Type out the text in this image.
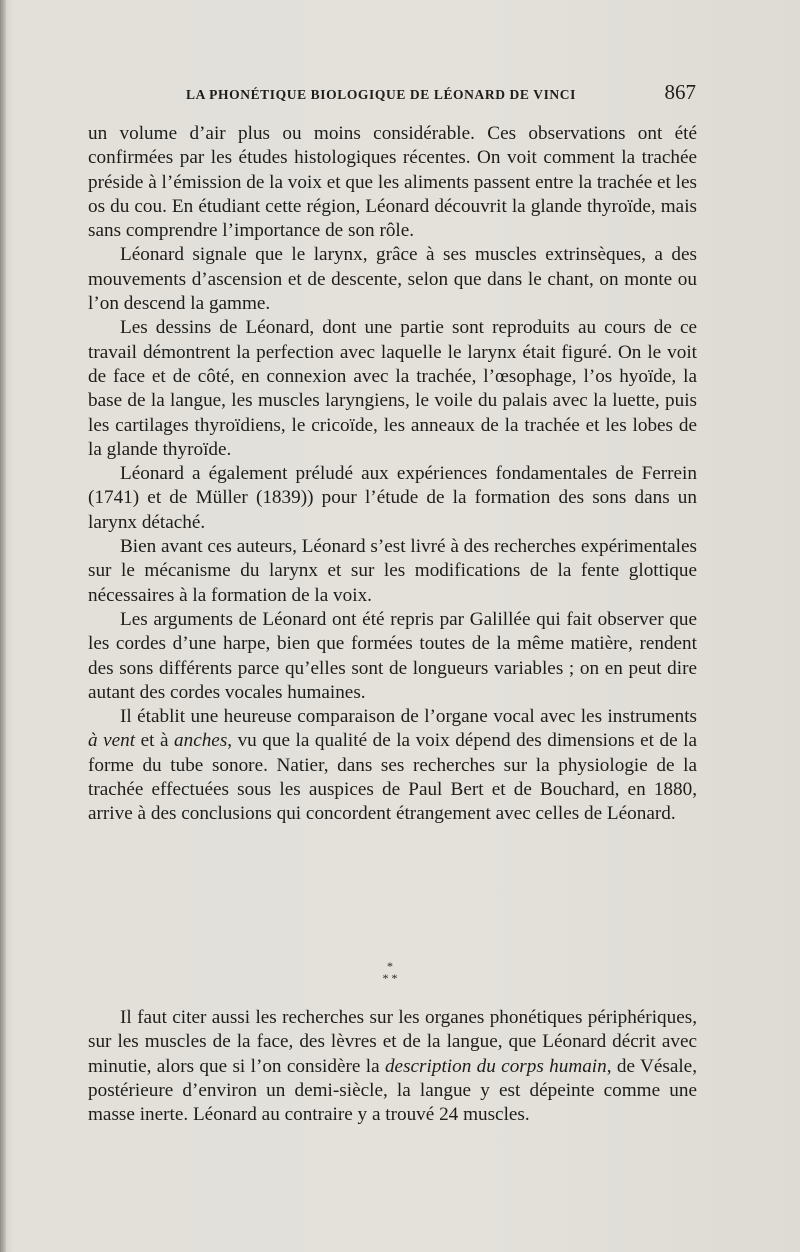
LA PHONÉTIQUE BIOLOGIQUE DE LÉONARD DE VINCI	867

un volume d’air plus ou moins considérable. Ces observations ont été confirmées par les études histologiques récentes. On voit comment la trachée préside à l’émission de la voix et que les aliments passent entre la trachée et les os du cou. En étudiant cette région, Léonard découvrit la glande thyroïde, mais sans comprendre l’importance de son rôle.

Léonard signale que le larynx, grâce à ses muscles extrinsèques, a des mouvements d’ascension et de descente, selon que dans le chant, on monte ou l’on descend la gamme.

Les dessins de Léonard, dont une partie sont reproduits au cours de ce travail démontrent la perfection avec laquelle le larynx était figuré. On le voit de face et de côté, en connexion avec la trachée, l’œsophage, l’os hyoïde, la base de la langue, les muscles laryngiens, le voile du palais avec la luette, puis les cartilages thyroïdiens, le cricoïde, les anneaux de la trachée et les lobes de la glande thyroïde.

Léonard a également préludé aux expériences fondamentales de Ferrein (1741) et de Müller (1839)) pour l’étude de la formation des sons dans un larynx détaché.

Bien avant ces auteurs, Léonard s’est livré à des recherches expérimentales sur le mécanisme du larynx et sur les modifications de la fente glottique nécessaires à la formation de la voix.

Les arguments de Léonard ont été repris par Galillée qui fait observer que les cordes d’une harpe, bien que formées toutes de la même matière, rendent des sons différents parce qu’elles sont de longueurs variables ; on en peut dire autant des cordes vocales humaines.

Il établit une heureuse comparaison de l’organe vocal avec les instruments à vent et à anches, vu que la qualité de la voix dépend des dimensions et de la forme du tube sonore. Natier, dans ses recherches sur la physiologie de la trachée effectuées sous les auspices de Paul Bert et de Bouchard, en 1880, arrive à des conclusions qui concordent étrangement avec celles de Léonard.

*
* *

Il faut citer aussi les recherches sur les organes phonétiques périphériques, sur les muscles de la face, des lèvres et de la langue, que Léonard décrit avec minutie, alors que si l’on considère la description du corps humain, de Vésale, postérieure d’environ un demi-siècle, la langue y est dépeinte comme une masse inerte. Léonard au contraire y a trouvé 24 muscles.
